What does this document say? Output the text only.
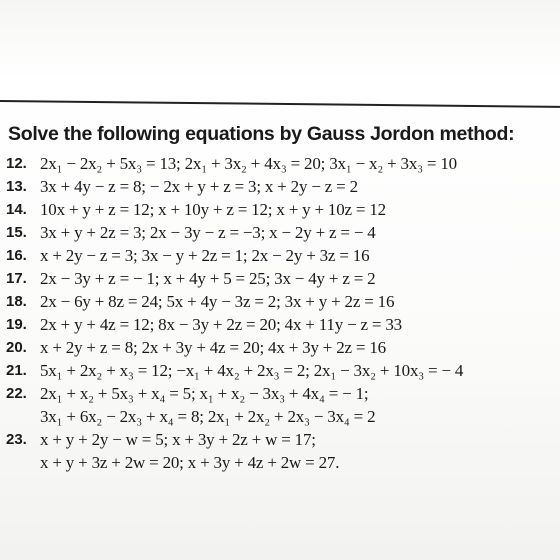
Solve the following equations by Gauss Jordon method:
12. 2x₁ − 2x₂ + 5x₃ = 13; 2x₁ + 3x₂ + 4x₃ = 20; 3x₁ − x₂ + 3x₃ = 10
13. 3x + 4y − z = 8; − 2x + y + z = 3; x + 2y − z = 2
14. 10x + y + z = 12; x + 10y + z = 12; x + y + 10z = 12
15. 3x + y + 2z = 3; 2x − 3y − z = −3; x − 2y + z = − 4
16. x + 2y − z = 3; 3x − y + 2z = 1; 2x − 2y + 3z = 16
17. 2x − 3y + z = − 1; x + 4y + 5 = 25; 3x − 4y + z = 2
18. 2x − 6y + 8z = 24; 5x + 4y − 3z = 2; 3x + y + 2z = 16
19. 2x + y + 4z = 12; 8x − 3y + 2z = 20; 4x + 11y − z = 33
20. x + 2y + z = 8; 2x + 3y + 4z = 20; 4x + 3y + 2z = 16
21. 5x₁ + 2x₂ + x₃ = 12; −x₁ + 4x₂ + 2x₃ = 2; 2x₁ − 3x₂ + 10x₃ = − 4
22. 2x₁ + x₂ + 5x₃ + x₄ = 5; x₁ + x₂ − 3x₃ + 4x₄ = − 1;
3x₁ + 6x₂ − 2x₃ + x₄ = 8; 2x₁ + 2x₂ + 2x₃ − 3x₄ = 2
23. x + y + 2y − w = 5; x + 3y + 2z + w = 17;
x + y + 3z + 2w = 20; x + 3y + 4z + 2w = 27.
